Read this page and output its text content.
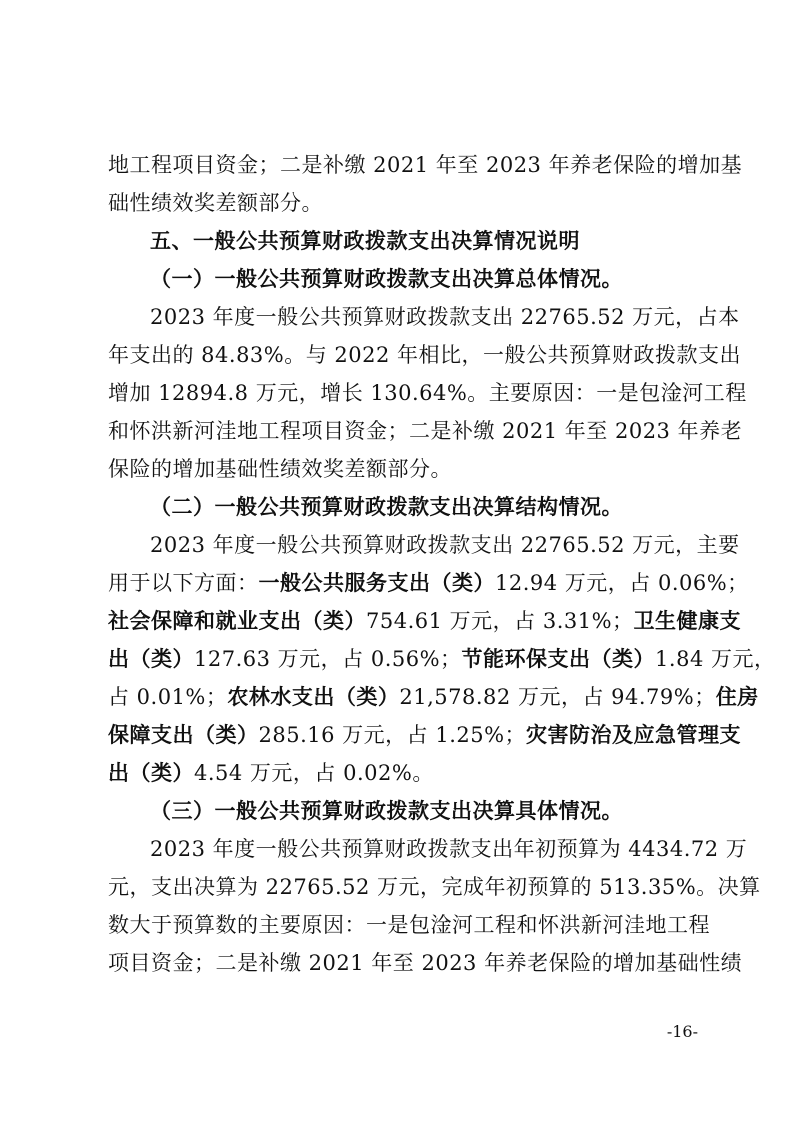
地工程项目资金；二是补缴 2021 年至 2023 年养老保险的增加基
础性绩效奖差额部分。
五、一般公共预算财政拨款支出决算情况说明
（一）一般公共预算财政拨款支出决算总体情况。
2023 年度一般公共预算财政拨款支出 22765.52 万元，占本
年支出的 84.83%。与 2022 年相比，一般公共预算财政拨款支出
增加 12894.8 万元，增长 130.64%。主要原因：一是包淦河工程
和怀洪新河洼地工程项目资金；二是补缴 2021 年至 2023 年养老
保险的增加基础性绩效奖差额部分。
（二）一般公共预算财政拨款支出决算结构情况。
2023 年度一般公共预算财政拨款支出 22765.52 万元，主要
用于以下方面：一般公共服务支出（类）12.94 万元，占 0.06%；
社会保障和就业支出（类）754.61 万元，占 3.31%；卫生健康支
出（类）127.63 万元，占 0.56%；节能环保支出（类）1.84 万元，
占 0.01%；农林水支出（类）21,578.82 万元，占 94.79%；住房
保障支出（类）285.16 万元，占 1.25%；灾害防治及应急管理支
出（类）4.54 万元，占 0.02%。
（三）一般公共预算财政拨款支出决算具体情况。
2023 年度一般公共预算财政拨款支出年初预算为 4434.72 万
元，支出决算为 22765.52 万元，完成年初预算的 513.35%。决算
数大于预算数的主要原因：一是包淦河工程和怀洪新河洼地工程
项目资金；二是补缴 2021 年至 2023 年养老保险的增加基础性绩
-16-
